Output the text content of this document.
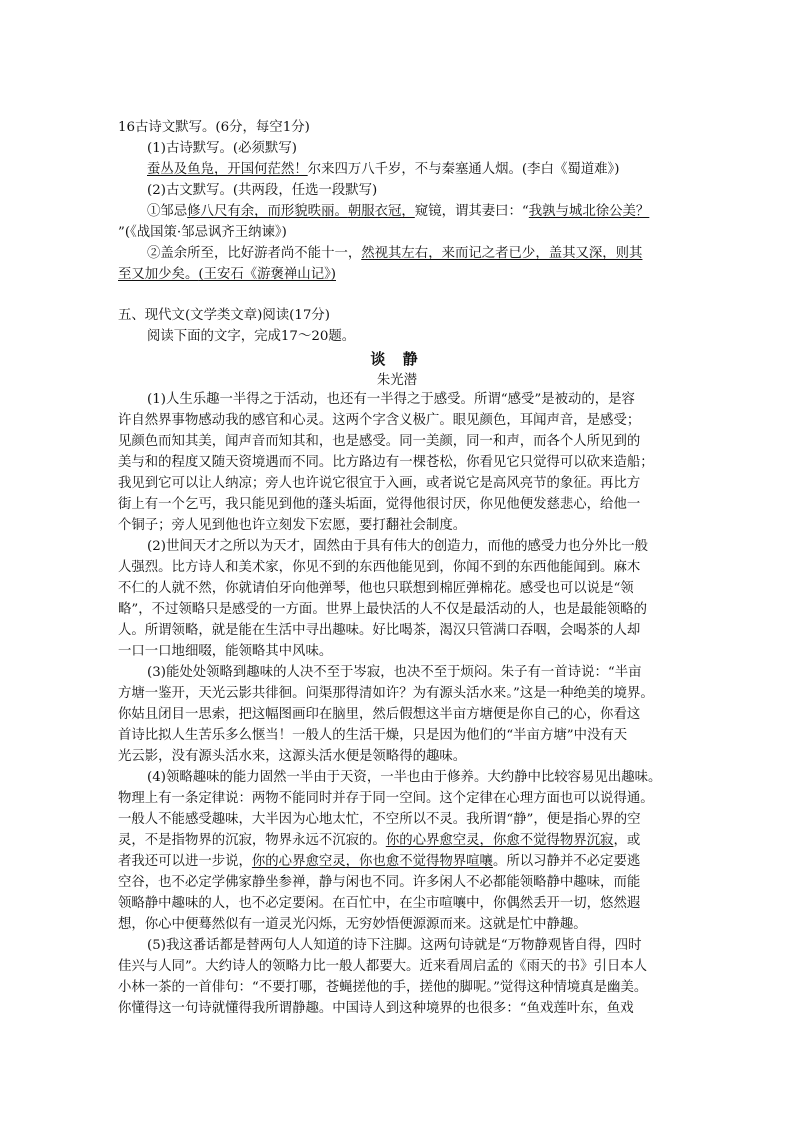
16古诗文默写。(6分，每空1分)
(1)古诗默写。(必须默写)
蚕丛及鱼凫，开国何茫然！尔来四万八千岁，不与秦塞通人烟。(李白《蜀道难》)
(2)古文默写。(共两段，任选一段默写)
①邹忌修八尺有余，而形貌昳丽。朝服衣冠，窥镜，谓其妻曰：“我孰与城北徐公美？
”(《战国策·邹忌讽齐王纳谏》)
②盖余所至，比好游者尚不能十一，然视其左右，来而记之者已少，盖其又深，则其
至又加少矣。(王安石《游褒禅山记》)
五、现代文(文学类文章)阅读(17分)
阅读下面的文字，完成17～20题。
谈 静
朱光潜
(1)人生乐趣一半得之于活动，也还有一半得之于感受。所谓“感受”是被动的，是容
许自然界事物感动我的感官和心灵。这两个字含义极广。眼见颜色，耳闻声音，是感受；
见颜色而知其美，闻声音而知其和，也是感受。同一美颜，同一和声，而各个人所见到的
美与和的程度又随天资境遇而不同。比方路边有一棵苍松，你看见它只觉得可以砍来造船；
我见到它可以让人纳凉；旁人也许说它很宜于入画，或者说它是高风亮节的象征。再比方
街上有一个乞丐，我只能见到他的蓬头垢面，觉得他很讨厌，你见他便发慈悲心，给他一
个铜子；旁人见到他也许立刻发下宏愿，要打翻社会制度。
(2)世间天才之所以为天才，固然由于具有伟大的创造力，而他的感受力也分外比一般
人强烈。比方诗人和美术家，你见不到的东西他能见到，你闻不到的东西他能闻到。麻木
不仁的人就不然，你就请伯牙向他弹琴，他也只联想到棉匠弹棉花。感受也可以说是“领
略”，不过领略只是感受的一方面。世界上最快活的人不仅是最活动的人，也是最能领略的
人。所谓领略，就是能在生活中寻出趣味。好比喝茶，渴汉只管满口吞咽，会喝茶的人却
一口一口地细啜，能领略其中风味。
(3)能处处领略到趣味的人决不至于岑寂，也决不至于烦闷。朱子有一首诗说：“半亩
方塘一鉴开，天光云影共徘徊。问渠那得清如许？为有源头活水来。”这是一种绝美的境界。
你姑且闭目一思索，把这幅图画印在脑里，然后假想这半亩方塘便是你自己的心，你看这
首诗比拟人生苦乐多么惬当！一般人的生活干燥，只是因为他们的“半亩方塘”中没有天
光云影，没有源头活水来，这源头活水便是领略得的趣味。
(4)领略趣味的能力固然一半由于天资，一半也由于修养。大约静中比较容易见出趣味。
物理上有一条定律说：两物不能同时并存于同一空间。这个定律在心理方面也可以说得通。
一般人不能感受趣味，大半因为心地太忙，不空所以不灵。我所谓“静”，便是指心界的空
灵，不是指物界的沉寂，物界永远不沉寂的。你的心界愈空灵，你愈不觉得物界沉寂，或
者我还可以进一步说，你的心界愈空灵，你也愈不觉得物界喧嚷。所以习静并不必定要逃
空谷，也不必定学佛家静坐参禅，静与闲也不同。许多闲人不必都能领略静中趣味，而能
领略静中趣味的人，也不必定要闲。在百忙中，在尘市喧嚷中，你偶然丢开一切，悠然遐
想，你心中便蓦然似有一道灵光闪烁，无穷妙悟便源源而来。这就是忙中静趣。
(5)我这番话都是替两句人人知道的诗下注脚。这两句诗就是“万物静观皆自得，四时
佳兴与人同”。大约诗人的领略力比一般人都要大。近来看周启孟的《雨天的书》引日本人
小林一茶的一首俳句：“不要打哪，苍蝇搓他的手，搓他的脚呢。”觉得这种情境真是幽美。
你懂得这一句诗就懂得我所谓静趣。中国诗人到这种境界的也很多：“鱼戏莲叶东，鱼戏
